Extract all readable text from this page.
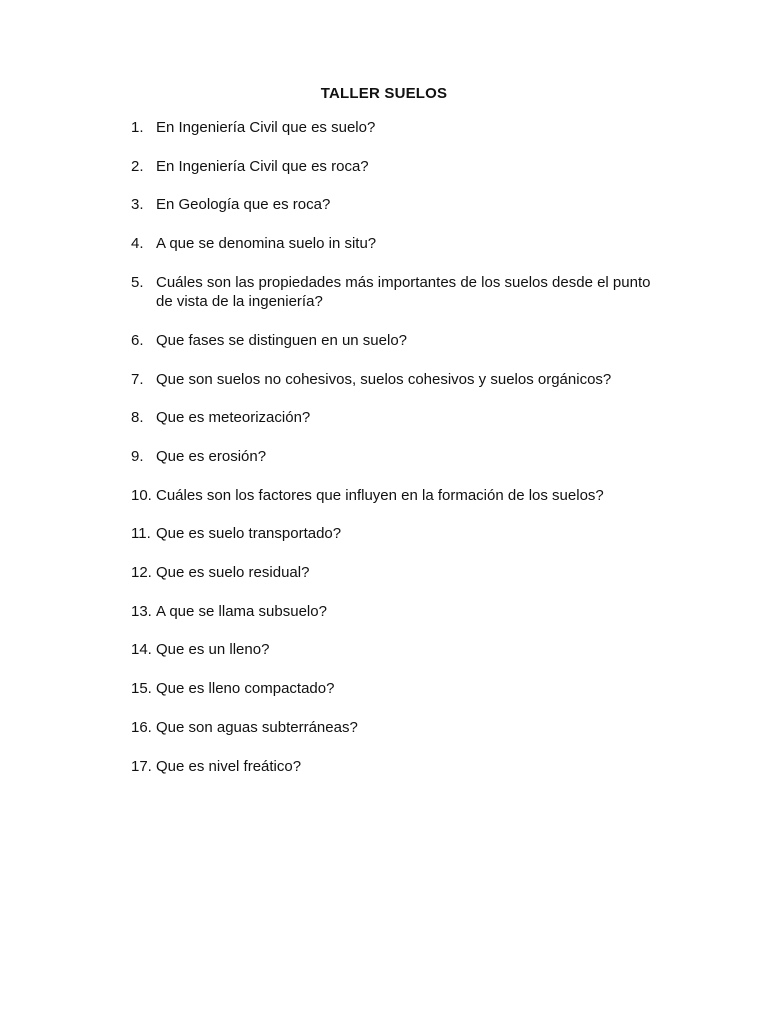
TALLER SUELOS
1. En Ingeniería Civil que es suelo?
2. En Ingeniería Civil que es roca?
3. En Geología que es roca?
4. A que se denomina suelo in situ?
5. Cuáles son las propiedades más importantes de los suelos desde el punto de vista de la ingeniería?
6. Que fases se distinguen en un suelo?
7. Que son suelos no cohesivos, suelos cohesivos y suelos orgánicos?
8. Que es meteorización?
9. Que es erosión?
10. Cuáles son los factores que influyen en la formación de los suelos?
11. Que es suelo transportado?
12. Que es suelo residual?
13. A que se llama subsuelo?
14. Que es un lleno?
15. Que es lleno compactado?
16. Que son aguas subterráneas?
17. Que es nivel freático?
